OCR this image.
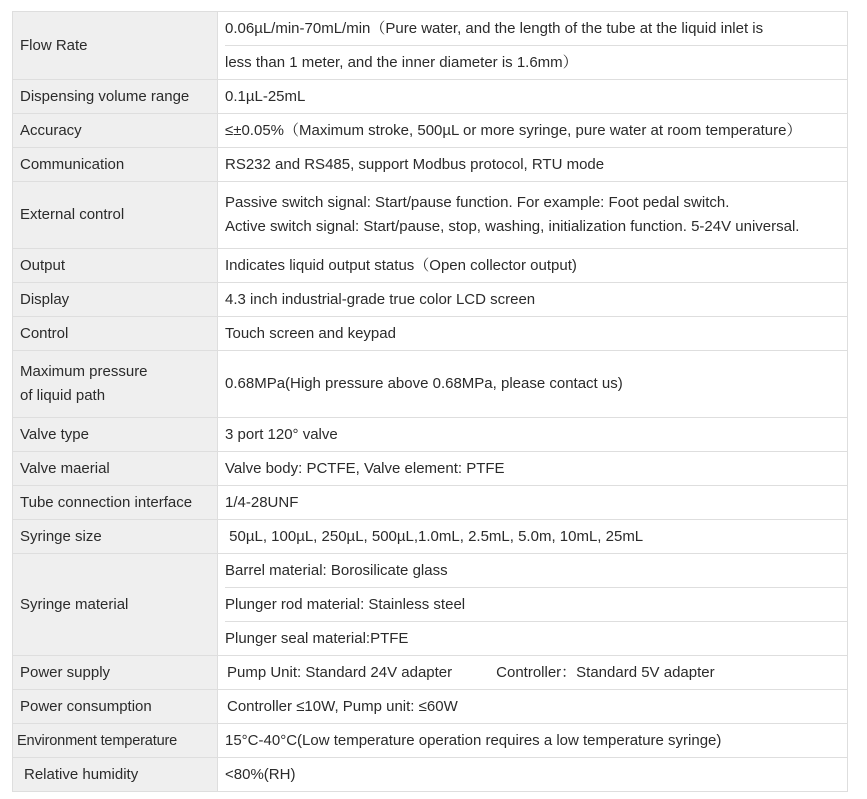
Flow Rate	0.06µL/min-70mL/min（Pure water, and the length of the tube at the liquid inlet is
less than 1 meter, and the inner diameter is 1.6mm）

Dispensing volume range	0.1µL-25mL

Accuracy	≤±0.05%（Maximum stroke, 500µL or more syringe, pure water at room temperature）

Communication	RS232 and RS485, support Modbus protocol, RTU mode

External control	Passive switch signal: Start/pause function. For example: Foot pedal switch.
Active switch signal: Start/pause, stop, washing, initialization function. 5-24V universal.

Output	Indicates liquid output status（Open collector output)

Display	4.3 inch industrial-grade true color LCD screen

Control	Touch screen and keypad

Maximum pressure
of liquid path	0.68MPa(High pressure above 0.68MPa, please contact us)

Valve type	3 port 120° valve

Valve maerial	Valve body: PCTFE, Valve element: PTFE

Tube connection interface	1/4-28UNF

Syringe size	50µL, 100µL, 250µL, 500µL,1.0mL, 2.5mL, 5.0m, 10mL, 25mL

Syringe material	Barrel material: Borosilicate glass
Plunger rod material: Stainless steel
Plunger seal material:PTFE

Power supply	Pump Unit: Standard 24V adapter Controller：Standard 5V adapter

Power consumption	Controller ≤10W, Pump unit: ≤60W

Environment temperature	15°C-40°C(Low temperature operation requires a low temperature syringe)

Relative humidity	<80%(RH)
